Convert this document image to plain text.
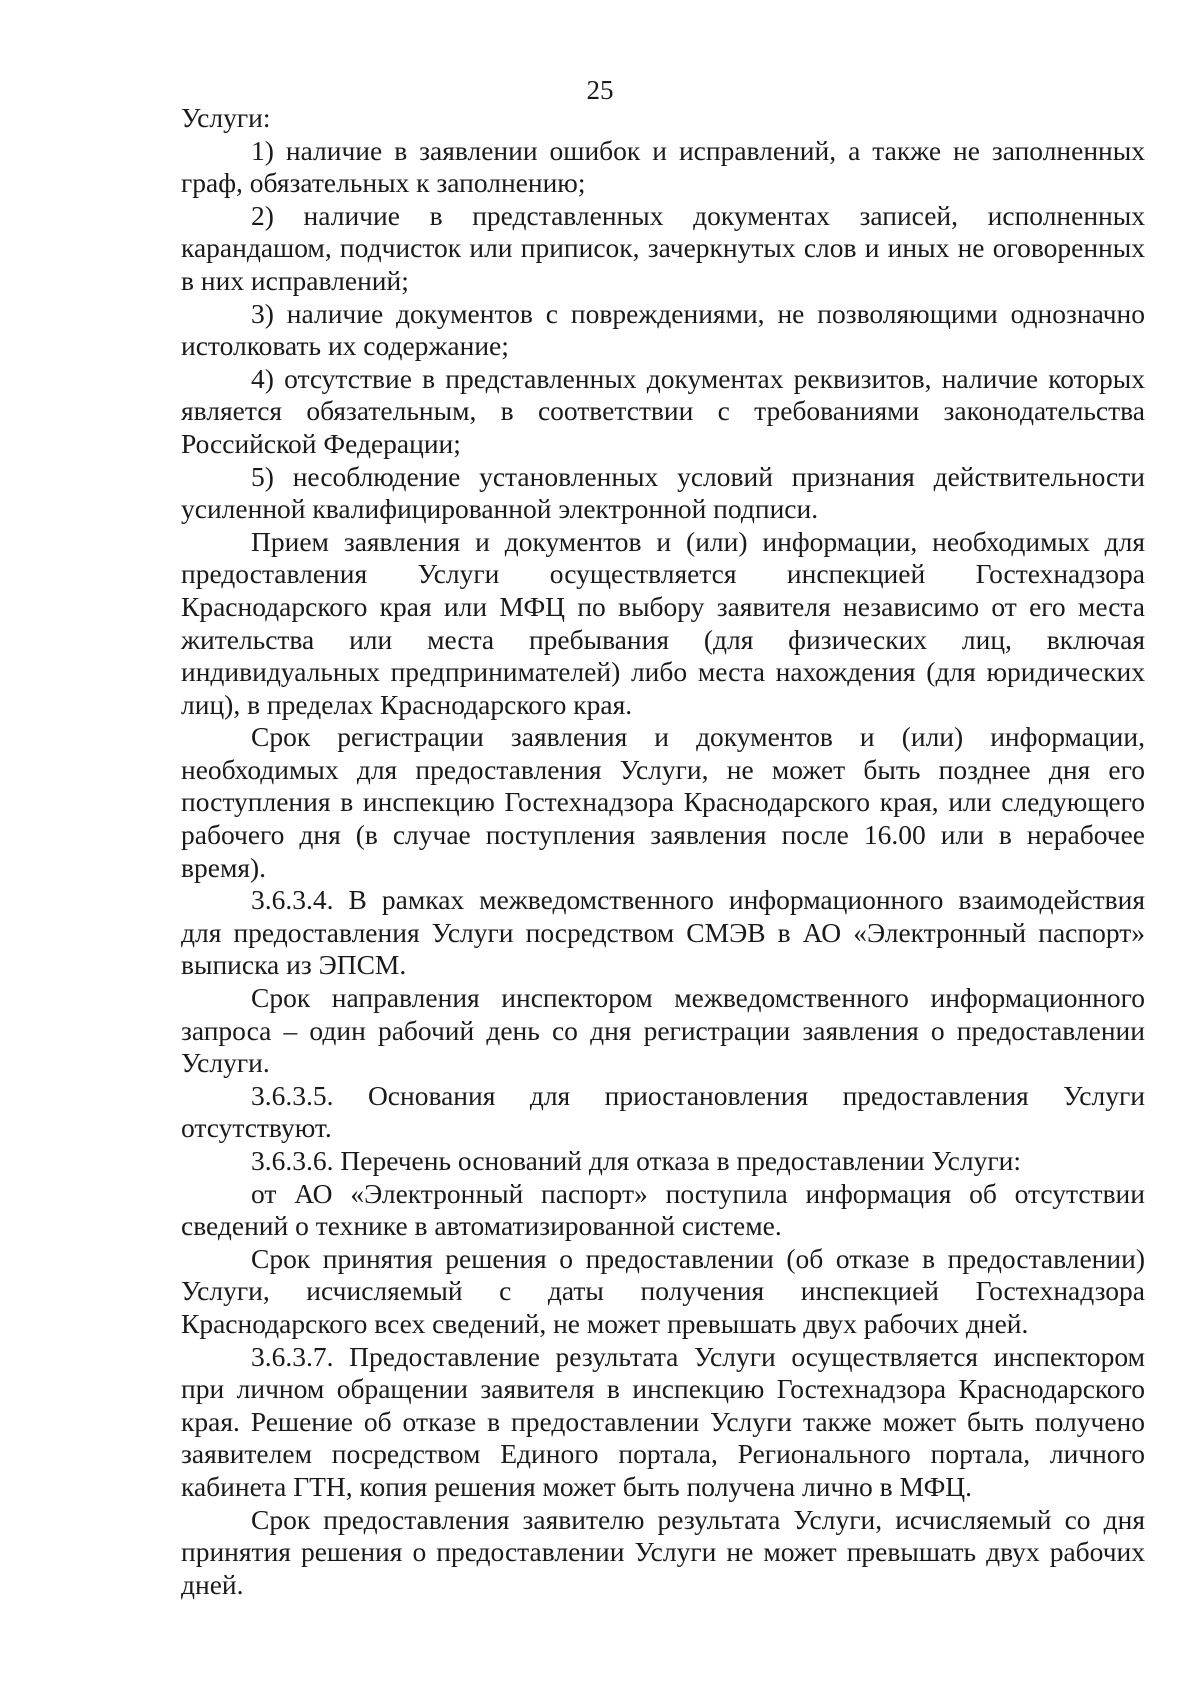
25

Услуги:

1) наличие в заявлении ошибок и исправлений, а также не заполненных граф, обязательных к заполнению;

2) наличие в представленных документах записей, исполненных карандашом, подчисток или приписок, зачеркнутых слов и иных не оговоренных в них исправлений;

3) наличие документов с повреждениями, не позволяющими однозначно истолковать их содержание;

4) отсутствие в представленных документах реквизитов, наличие которых является обязательным, в соответствии с требованиями законодательства Российской Федерации;

5) несоблюдение установленных условий признания действительности усиленной квалифицированной электронной подписи.

Прием заявления и документов и (или) информации, необходимых для предоставления Услуги осуществляется инспекцией Гостехнадзора Краснодарского края или МФЦ по выбору заявителя независимо от его места жительства или места пребывания (для физических лиц, включая индивидуальных предпринимателей) либо места нахождения (для юридических лиц), в пределах Краснодарского края.

Срок регистрации заявления и документов и (или) информации, необходимых для предоставления Услуги, не может быть позднее дня его поступления в инспекцию Гостехнадзора Краснодарского края, или следующего рабочего дня (в случае поступления заявления после 16.00 или в нерабочее время).

3.6.3.4. В рамках межведомственного информационного взаимодействия для предоставления Услуги посредством СМЭВ в АО «Электронный паспорт» выписка из ЭПСМ.

Срок направления инспектором межведомственного информационного запроса – один рабочий день со дня регистрации заявления о предоставлении Услуги.

3.6.3.5. Основания для приостановления предоставления Услуги отсутствуют.

3.6.3.6. Перечень оснований для отказа в предоставлении Услуги:

от АО «Электронный паспорт» поступила информация об отсутствии сведений о технике в автоматизированной системе.

Срок принятия решения о предоставлении (об отказе в предоставлении) Услуги, исчисляемый с даты получения инспекцией Гостехнадзора Краснодарского всех сведений, не может превышать двух рабочих дней.

3.6.3.7. Предоставление результата Услуги осуществляется инспектором при личном обращении заявителя в инспекцию Гостехнадзора Краснодарского края. Решение об отказе в предоставлении Услуги также может быть получено заявителем посредством Единого портала, Регионального портала, личного кабинета ГТН, копия решения может быть получена лично в МФЦ.

Срок предоставления заявителю результата Услуги, исчисляемый со дня принятия решения о предоставлении Услуги не может превышать двух рабочих дней.
